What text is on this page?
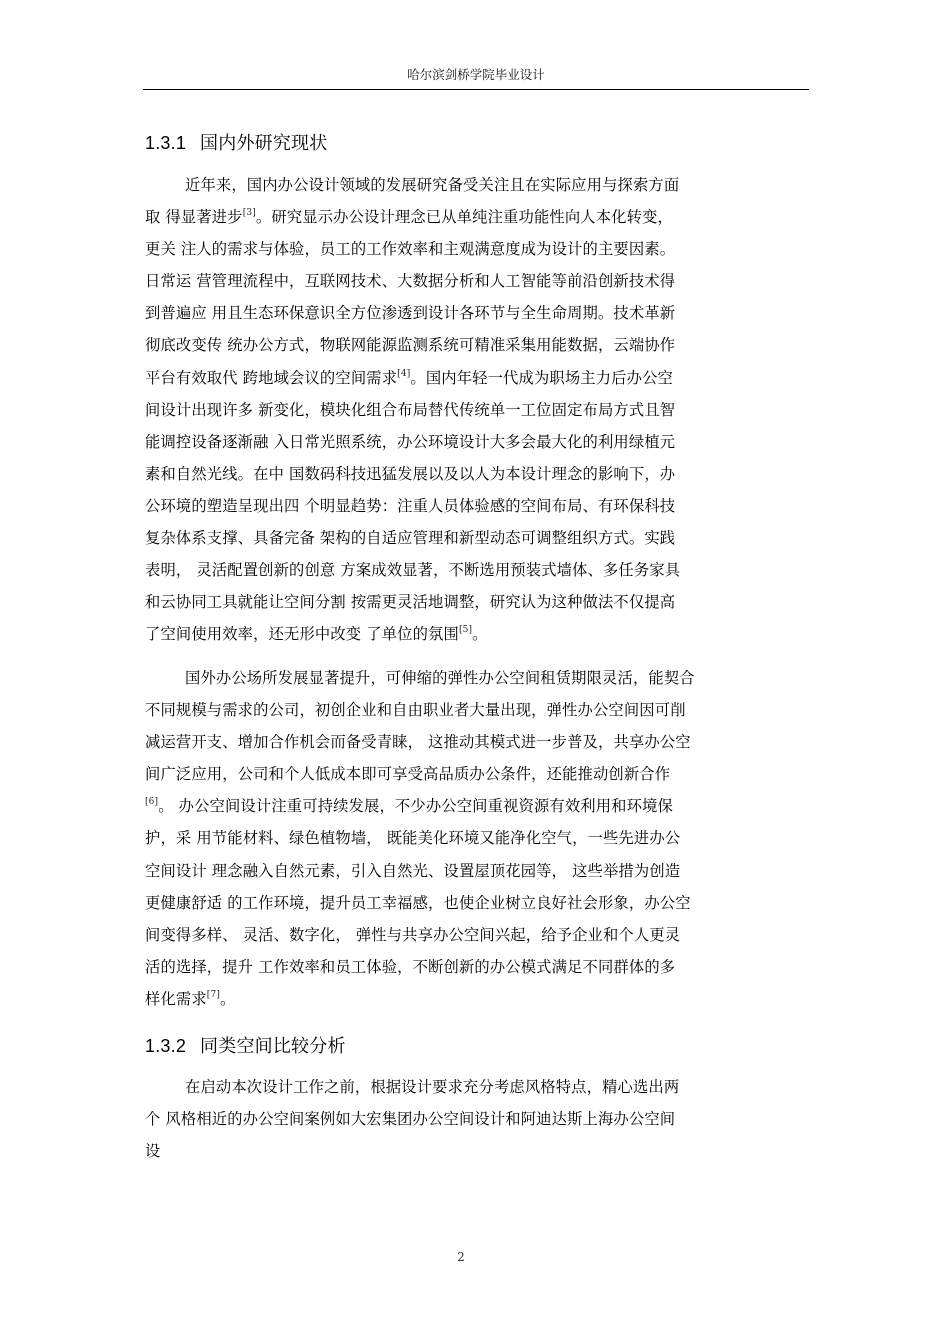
哈尔滨剑桥学院毕业设计
1.3.1 国内外研究现状
近年来，国内办公设计领域的发展研究备受关注且在实际应用与探索方面
取 得显著进步[3]。研究显示办公设计理念已从单纯注重功能性向人本化转变，
更关 注人的需求与体验，员工的工作效率和主观满意度成为设计的主要因素。
日常运 营管理流程中，互联网技术、大数据分析和人工智能等前沿创新技术得
到普遍应 用且生态环保意识全方位渗透到设计各环节与全生命周期。技术革新
彻底改变传 统办公方式，物联网能源监测系统可精准采集用能数据，云端协作
平台有效取代 跨地域会议的空间需求[4]。国内年轻一代成为职场主力后办公空
间设计出现许多 新变化，模块化组合布局替代传统单一工位固定布局方式且智
能调控设备逐渐融 入日常光照系统，办公环境设计大多会最大化的利用绿植元
素和自然光线。在中 国数码科技迅猛发展以及以人为本设计理念的影响下，办
公环境的塑造呈现出四 个明显趋势：注重人员体验感的空间布局、有环保科技
复杂体系支撑、具备完备 架构的自适应管理和新型动态可调整组织方式。实践
表明， 灵活配置创新的创意 方案成效显著，不断选用预装式墙体、多任务家具
和云协同工具就能让空间分割 按需更灵活地调整，研究认为这种做法不仅提高
了空间使用效率，还无形中改变 了单位的氛围[5]。
国外办公场所发展显著提升，可伸缩的弹性办公空间租赁期限灵活，能契合
不同规模与需求的公司，初创企业和自由职业者大量出现，弹性办公空间因可削
减运营开支、增加合作机会而备受青睐， 这推动其模式进一步普及，共享办公空
间广泛应用，公司和个人低成本即可享受高品质办公条件，还能推动创新合作
[6]。 办公空间设计注重可持续发展，不少办公空间重视资源有效利用和环境保
护，采 用节能材料、绿色植物墙， 既能美化环境又能净化空气，一些先进办公
空间设计 理念融入自然元素，引入自然光、设置屋顶花园等， 这些举措为创造
更健康舒适 的工作环境，提升员工幸福感，也使企业树立良好社会形象，办公空
间变得多样、 灵活、数字化， 弹性与共享办公空间兴起，给予企业和个人更灵
活的选择，提升 工作效率和员工体验，不断创新的办公模式满足不同群体的多
样化需求[7]。
1.3.2 同类空间比较分析
在启动本次设计工作之前，根据设计要求充分考虑风格特点，精心选出两
个 风格相近的办公空间案例如大宏集团办公空间设计和阿迪达斯上海办公空间
设
2
